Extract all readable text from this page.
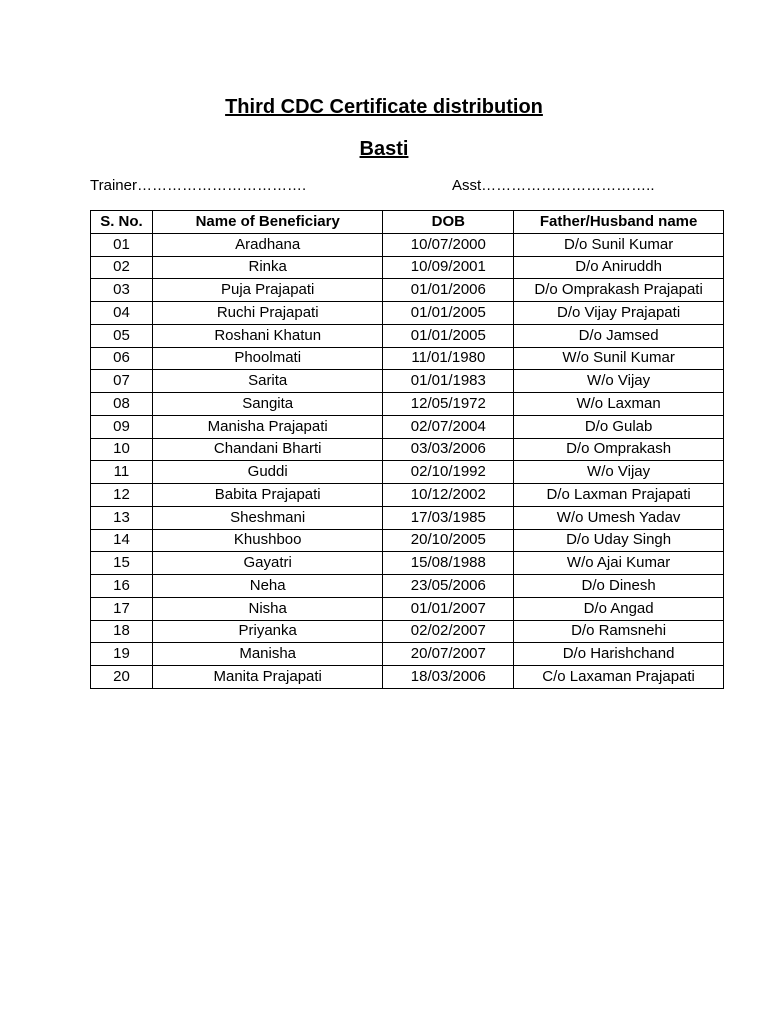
Third CDC Certificate distribution
Basti
Trainer…………………………….	Asst……………………………..
S. No.	Name of Beneficiary	DOB	Father/Husband name
01	Aradhana	10/07/2000	D/o Sunil Kumar
02	Rinka	10/09/2001	D/o Aniruddh
03	Puja Prajapati	01/01/2006	D/o Omprakash Prajapati
04	Ruchi Prajapati	01/01/2005	D/o Vijay Prajapati
05	Roshani Khatun	01/01/2005	D/o Jamsed
06	Phoolmati	11/01/1980	W/o Sunil Kumar
07	Sarita	01/01/1983	W/o Vijay
08	Sangita	12/05/1972	W/o Laxman
09	Manisha Prajapati	02/07/2004	D/o Gulab
10	Chandani Bharti	03/03/2006	D/o Omprakash
11	Guddi	02/10/1992	W/o Vijay
12	Babita Prajapati	10/12/2002	D/o Laxman Prajapati
13	Sheshmani	17/03/1985	W/o Umesh Yadav
14	Khushboo	20/10/2005	D/o Uday Singh
15	Gayatri	15/08/1988	W/o Ajai Kumar
16	Neha	23/05/2006	D/o Dinesh
17	Nisha	01/01/2007	D/o Angad
18	Priyanka	02/02/2007	D/o Ramsnehi
19	Manisha	20/07/2007	D/o Harishchand
20	Manita Prajapati	18/03/2006	C/o Laxaman Prajapati
